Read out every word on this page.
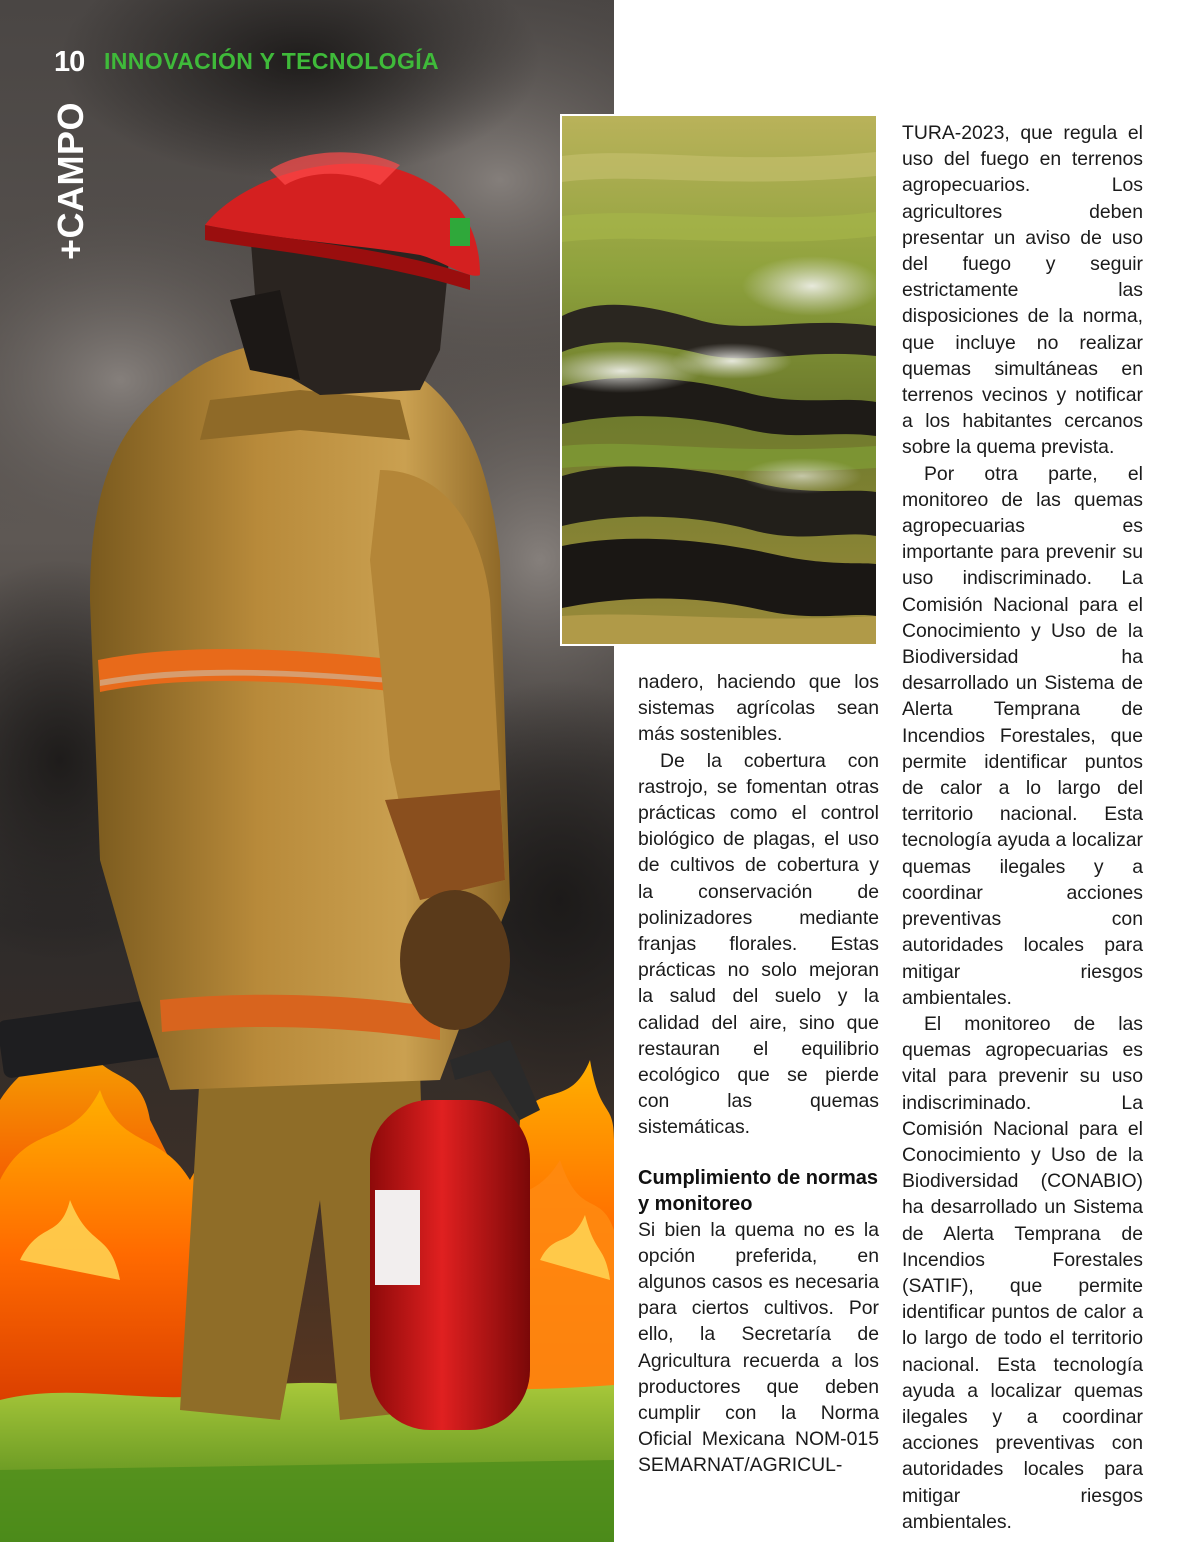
10 INNOVACIÓN Y TECNOLOGÍA
+CAMPO

nadero, haciendo que los sistemas agrícolas sean más sostenibles.

De la cobertura con rastrojo, se fomentan otras prácticas como el control biológico de plagas, el uso de cultivos de cobertura y la conservación de polinizadores mediante franjas florales. Estas prácticas no solo mejoran la salud del suelo y la calidad del aire, sino que restauran el equilibrio ecológico que se pierde con las quemas sistemáticas.

Cumplimiento de normas y monitoreo

Si bien la quema no es la opción preferida, en algunos casos es necesaria para ciertos cultivos. Por ello, la Secretaría de Agricultura recuerda a los productores que deben cumplir con la Norma Oficial Mexicana NOM-015 SEMARNAT/AGRICUL-

TURA-2023, que regula el uso del fuego en terrenos agropecuarios. Los agricultores deben presentar un aviso de uso del fuego y seguir estrictamente las disposiciones de la norma, que incluye no realizar quemas simultáneas en terrenos vecinos y notificar a los habitantes cercanos sobre la quema prevista.

Por otra parte, el monitoreo de las quemas agropecuarias es importante para prevenir su uso indiscriminado. La Comisión Nacional para el Conocimiento y Uso de la Biodiversidad ha desarrollado un Sistema de Alerta Temprana de Incendios Forestales, que permite identificar puntos de calor a lo largo del territorio nacional. Esta tecnología ayuda a localizar quemas ilegales y a coordinar acciones preventivas con autoridades locales para mitigar riesgos ambientales.

El monitoreo de las quemas agropecuarias es vital para prevenir su uso indiscriminado. La Comisión Nacional para el Conocimiento y Uso de la Biodiversidad (CONABIO) ha desarrollado un Sistema de Alerta Temprana de Incendios Forestales (SATIF), que permite identificar puntos de calor a lo largo de todo el territorio nacional. Esta tecnología ayuda a localizar quemas ilegales y a coordinar acciones preventivas con autoridades locales para mitigar riesgos ambientales.
